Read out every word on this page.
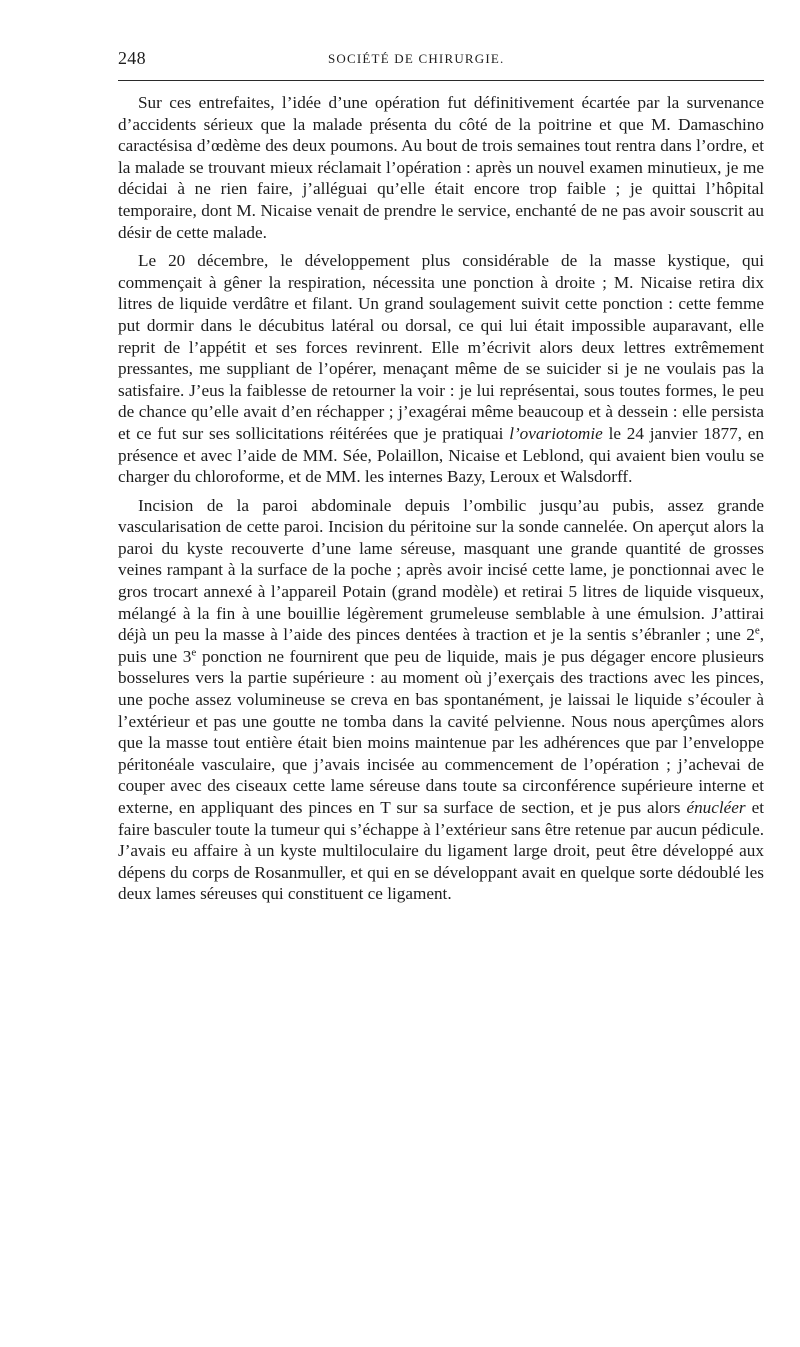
248	SOCIÉTÉ DE CHIRURGIE.

Sur ces entrefaites, l’idée d’une opération fut définitivement écartée par la survenance d’accidents sérieux que la malade présenta du côté de la poitrine et que M. Damaschino caractésisa d’œdème des deux poumons. Au bout de trois semaines tout rentra dans l’ordre, et la malade se trouvant mieux réclamait l’opération : après un nouvel examen minutieux, je me décidai à ne rien faire, j’alléguai qu’elle était encore trop faible ; je quittai l’hôpital temporaire, dont M. Nicaise venait de prendre le service, enchanté de ne pas avoir souscrit au désir de cette malade.

Le 20 décembre, le développement plus considérable de la masse kystique, qui commençait à gêner la respiration, nécessita une ponction à droite ; M. Nicaise retira dix litres de liquide verdâtre et filant. Un grand soulagement suivit cette ponction : cette femme put dormir dans le décubitus latéral ou dorsal, ce qui lui était impossible auparavant, elle reprit de l’appétit et ses forces revinrent. Elle m’écrivit alors deux lettres extrêmement pressantes, me suppliant de l’opérer, menaçant même de se suicider si je ne voulais pas la satisfaire. J’eus la faiblesse de retourner la voir : je lui représentai, sous toutes formes, le peu de chance qu’elle avait d’en réchapper ; j’exagérai même beaucoup et à dessein : elle persista et ce fut sur ses sollicitations réitérées que je pratiquai l’ovariotomie le 24 janvier 1877, en présence et avec l’aide de MM. Sée, Polaillon, Nicaise et Leblond, qui avaient bien voulu se charger du chloroforme, et de MM. les internes Bazy, Leroux et Walsdorff.

Incision de la paroi abdominale depuis l’ombilic jusqu’au pubis, assez grande vascularisation de cette paroi. Incision du péritoine sur la sonde cannelée. On aperçut alors la paroi du kyste recouverte d’une lame séreuse, masquant une grande quantité de grosses veines rampant à la surface de la poche ; après avoir incisé cette lame, je ponctionnai avec le gros trocart annexé à l’appareil Potain (grand modèle) et retirai 5 litres de liquide visqueux, mélangé à la fin à une bouillie légèrement grumeleuse semblable à une émulsion. J’attirai déjà un peu la masse à l’aide des pinces dentées à traction et je la sentis s’ébranler ; une 2e, puis une 3e ponction ne fournirent que peu de liquide, mais je pus dégager encore plusieurs bosselures vers la partie supérieure : au moment où j’exerçais des tractions avec les pinces, une poche assez volumineuse se creva en bas spontanément, je laissai le liquide s’écouler à l’extérieur et pas une goutte ne tomba dans la cavité pelvienne. Nous nous aperçûmes alors que la masse tout entière était bien moins maintenue par les adhérences que par l’enveloppe péritonéale vasculaire, que j’avais incisée au commencement de l’opération ; j’achevai de couper avec des ciseaux cette lame séreuse dans toute sa circonférence supérieure interne et externe, en appliquant des pinces en T sur sa surface de section, et je pus alors énucléer et faire basculer toute la tumeur qui s’échappe à l’extérieur sans être retenue par aucun pédicule. J’avais eu affaire à un kyste multiloculaire du ligament large droit, peut être développé aux dépens du corps de Rosanmuller, et qui en se développant avait en quelque sorte dédoublé les deux lames séreuses qui constituent ce ligament.
